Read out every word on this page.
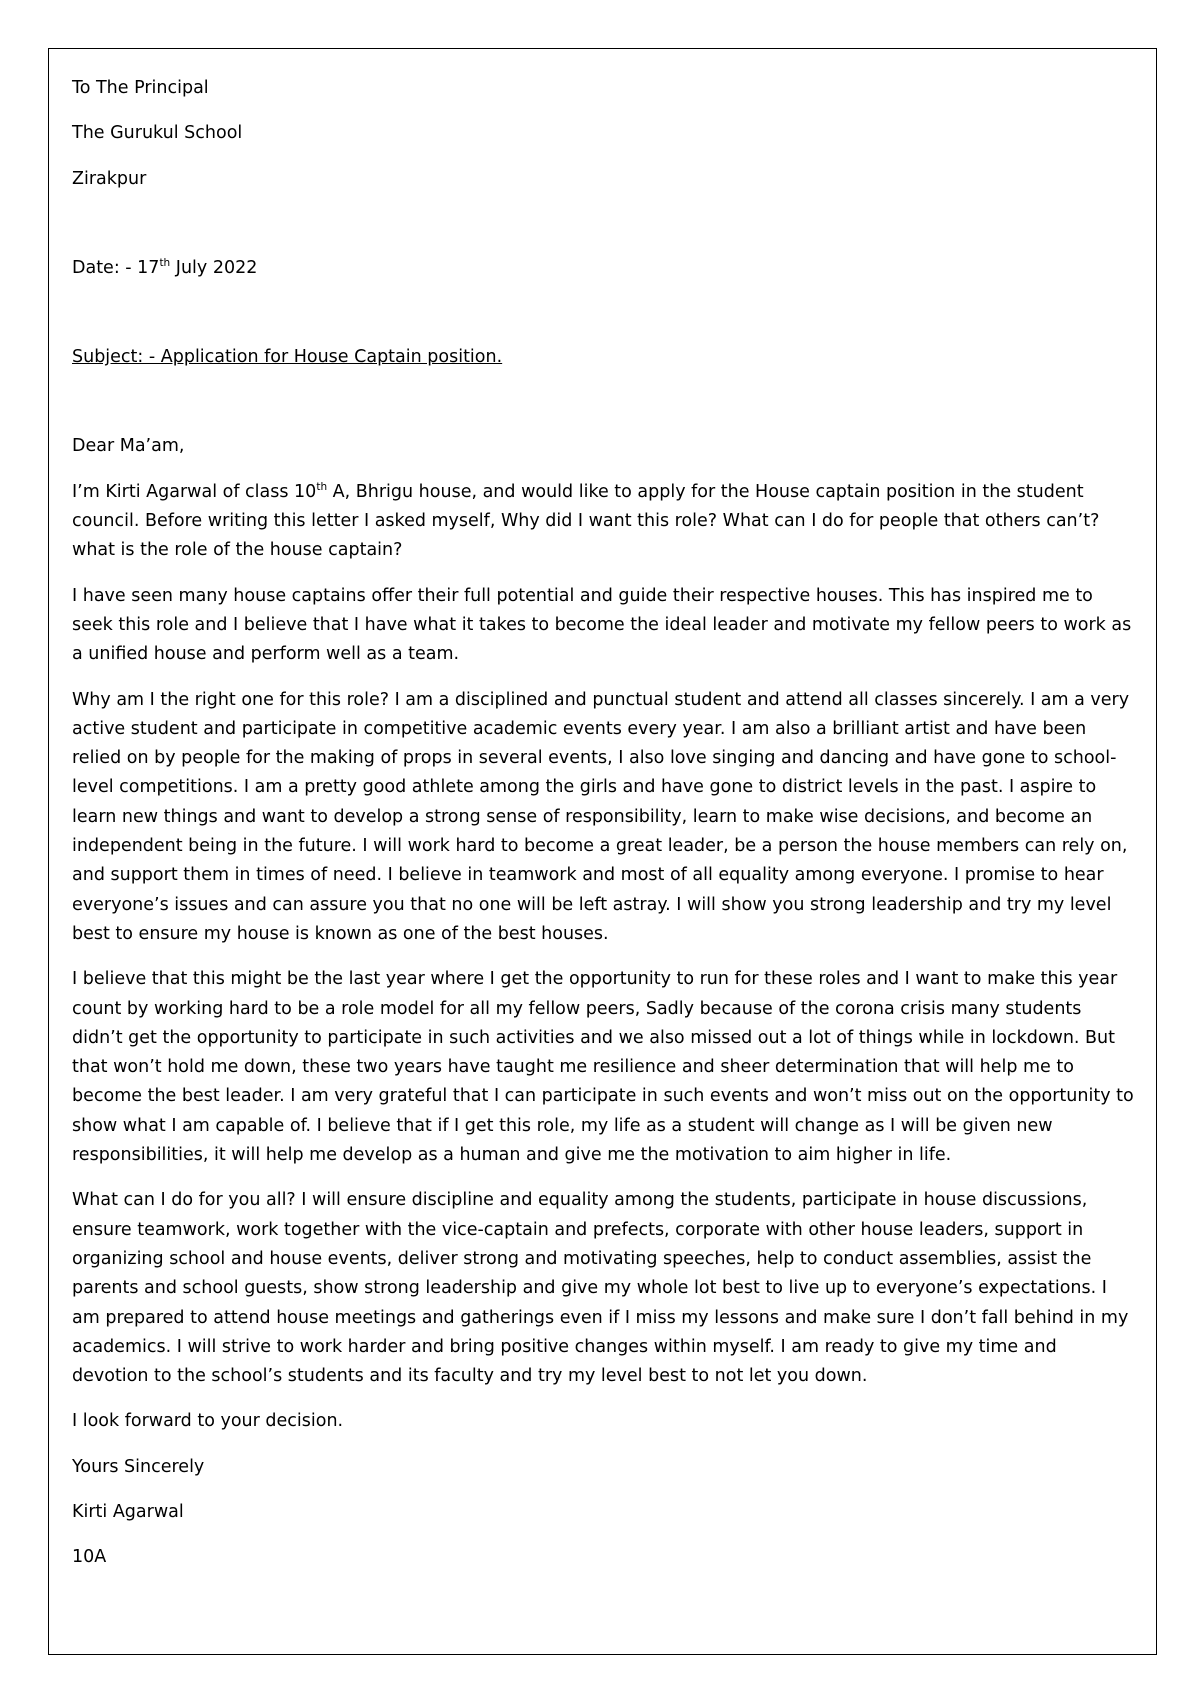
To The Principal

The Gurukul School

Zirakpur

Date: - 17th July 2022

Subject: - Application for House Captain position.

Dear Ma’am,

I’m Kirti Agarwal of class 10th A, Bhrigu house, and would like to apply for the House captain position in the student council. Before writing this letter I asked myself, Why did I want this role? What can I do for people that others can’t? what is the role of the house captain?

I have seen many house captains offer their full potential and guide their respective houses. This has inspired me to seek this role and I believe that I have what it takes to become the ideal leader and motivate my fellow peers to work as a unified house and perform well as a team.

Why am I the right one for this role? I am a disciplined and punctual student and attend all classes sincerely. I am a very active student and participate in competitive academic events every year. I am also a brilliant artist and have been relied on by people for the making of props in several events, I also love singing and dancing and have gone to school-level competitions. I am a pretty good athlete among the girls and have gone to district levels in the past. I aspire to learn new things and want to develop a strong sense of responsibility, learn to make wise decisions, and become an independent being in the future. I will work hard to become a great leader, be a person the house members can rely on, and support them in times of need. I believe in teamwork and most of all equality among everyone. I promise to hear everyone’s issues and can assure you that no one will be left astray. I will show you strong leadership and try my level best to ensure my house is known as one of the best houses.

I believe that this might be the last year where I get the opportunity to run for these roles and I want to make this year count by working hard to be a role model for all my fellow peers, Sadly because of the corona crisis many students didn’t get the opportunity to participate in such activities and we also missed out a lot of things while in lockdown. But that won’t hold me down, these two years have taught me resilience and sheer determination that will help me to become the best leader. I am very grateful that I can participate in such events and won’t miss out on the opportunity to show what I am capable of. I believe that if I get this role, my life as a student will change as I will be given new responsibilities, it will help me develop as a human and give me the motivation to aim higher in life.

What can I do for you all? I will ensure discipline and equality among the students, participate in house discussions, ensure teamwork, work together with the vice-captain and prefects, corporate with other house leaders, support in organizing school and house events, deliver strong and motivating speeches, help to conduct assemblies, assist the parents and school guests, show strong leadership and give my whole lot best to live up to everyone’s expectations. I am prepared to attend house meetings and gatherings even if I miss my lessons and make sure I don’t fall behind in my academics. I will strive to work harder and bring positive changes within myself. I am ready to give my time and devotion to the school’s students and its faculty and try my level best to not let you down.

I look forward to your decision.

Yours Sincerely

Kirti Agarwal

10A
